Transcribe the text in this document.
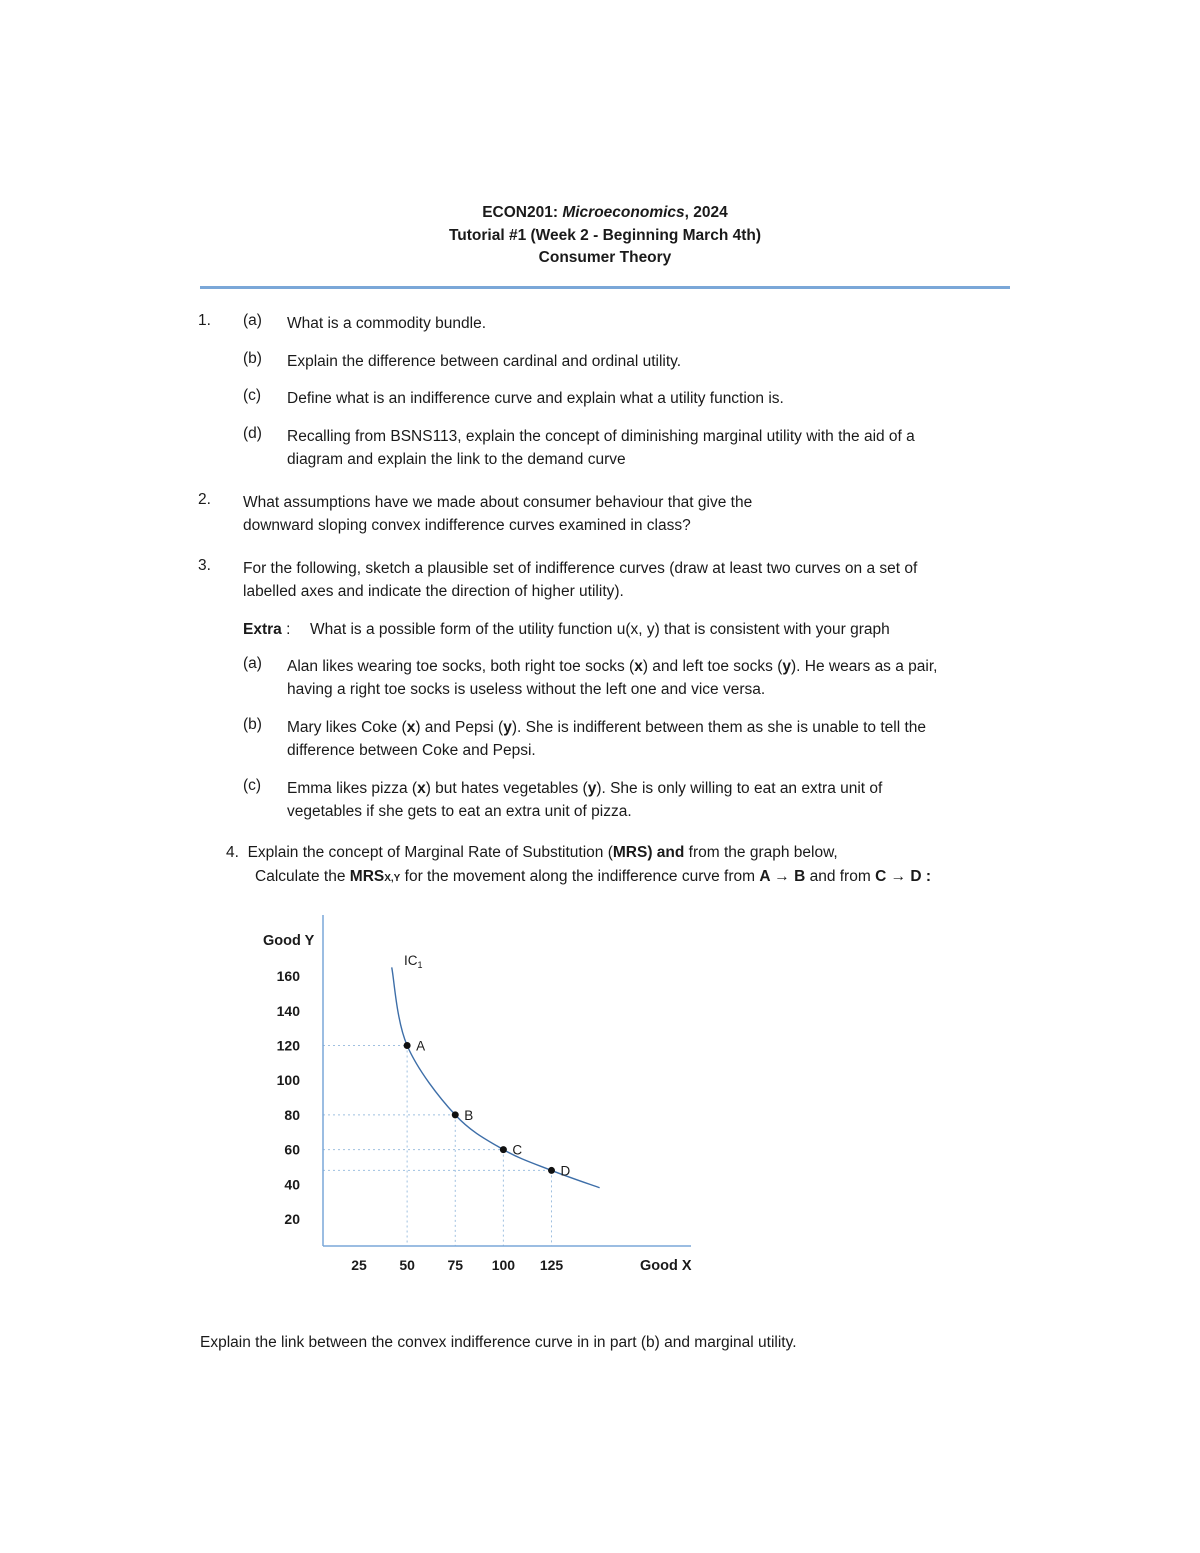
ECON201: Microeconomics, 2024
Tutorial #1 (Week 2 - Beginning March 4th)
Consumer Theory
1. (a) What is a commodity bundle.
(b) Explain the difference between cardinal and ordinal utility.
(c) Define what is an indifference curve and explain what a utility function is.
(d) Recalling from BSNS113, explain the concept of diminishing marginal utility with the aid of a
diagram and explain the link to the demand curve
2. What assumptions have we made about consumer behaviour that give the
downward sloping convex indifference curves examined in class?
3. For the following, sketch a plausible set of indifference curves (draw at least two curves on a set of
labelled axes and indicate the direction of higher utility).
Extra : What is a possible form of the utility function u(x, y) that is consistent with your graph
(a) Alan likes wearing toe socks, both right toe socks (x) and left toe socks (y). He wears as a pair,
having a right toe socks is useless without the left one and vice versa.
(b) Mary likes Coke (x) and Pepsi (y). She is indifferent between them as she is unable to tell the
difference between Coke and Pepsi.
(c) Emma likes pizza (x) but hates vegetables (y). She is only willing to eat an extra unit of
vegetables if she gets to eat an extra unit of pizza.
4. Explain the concept of Marginal Rate of Substitution (MRS) and from the graph below,
Calculate the MRSX,Y for the movement along the indifference curve from A → B and from C → D :
Good Y
Good X
20
40
60
80
100
120
140
160
25 50 75 100 125
$IC_1$
A
B
C
D
Explain the link between the convex indifference curve in in part (b) and marginal utility.
